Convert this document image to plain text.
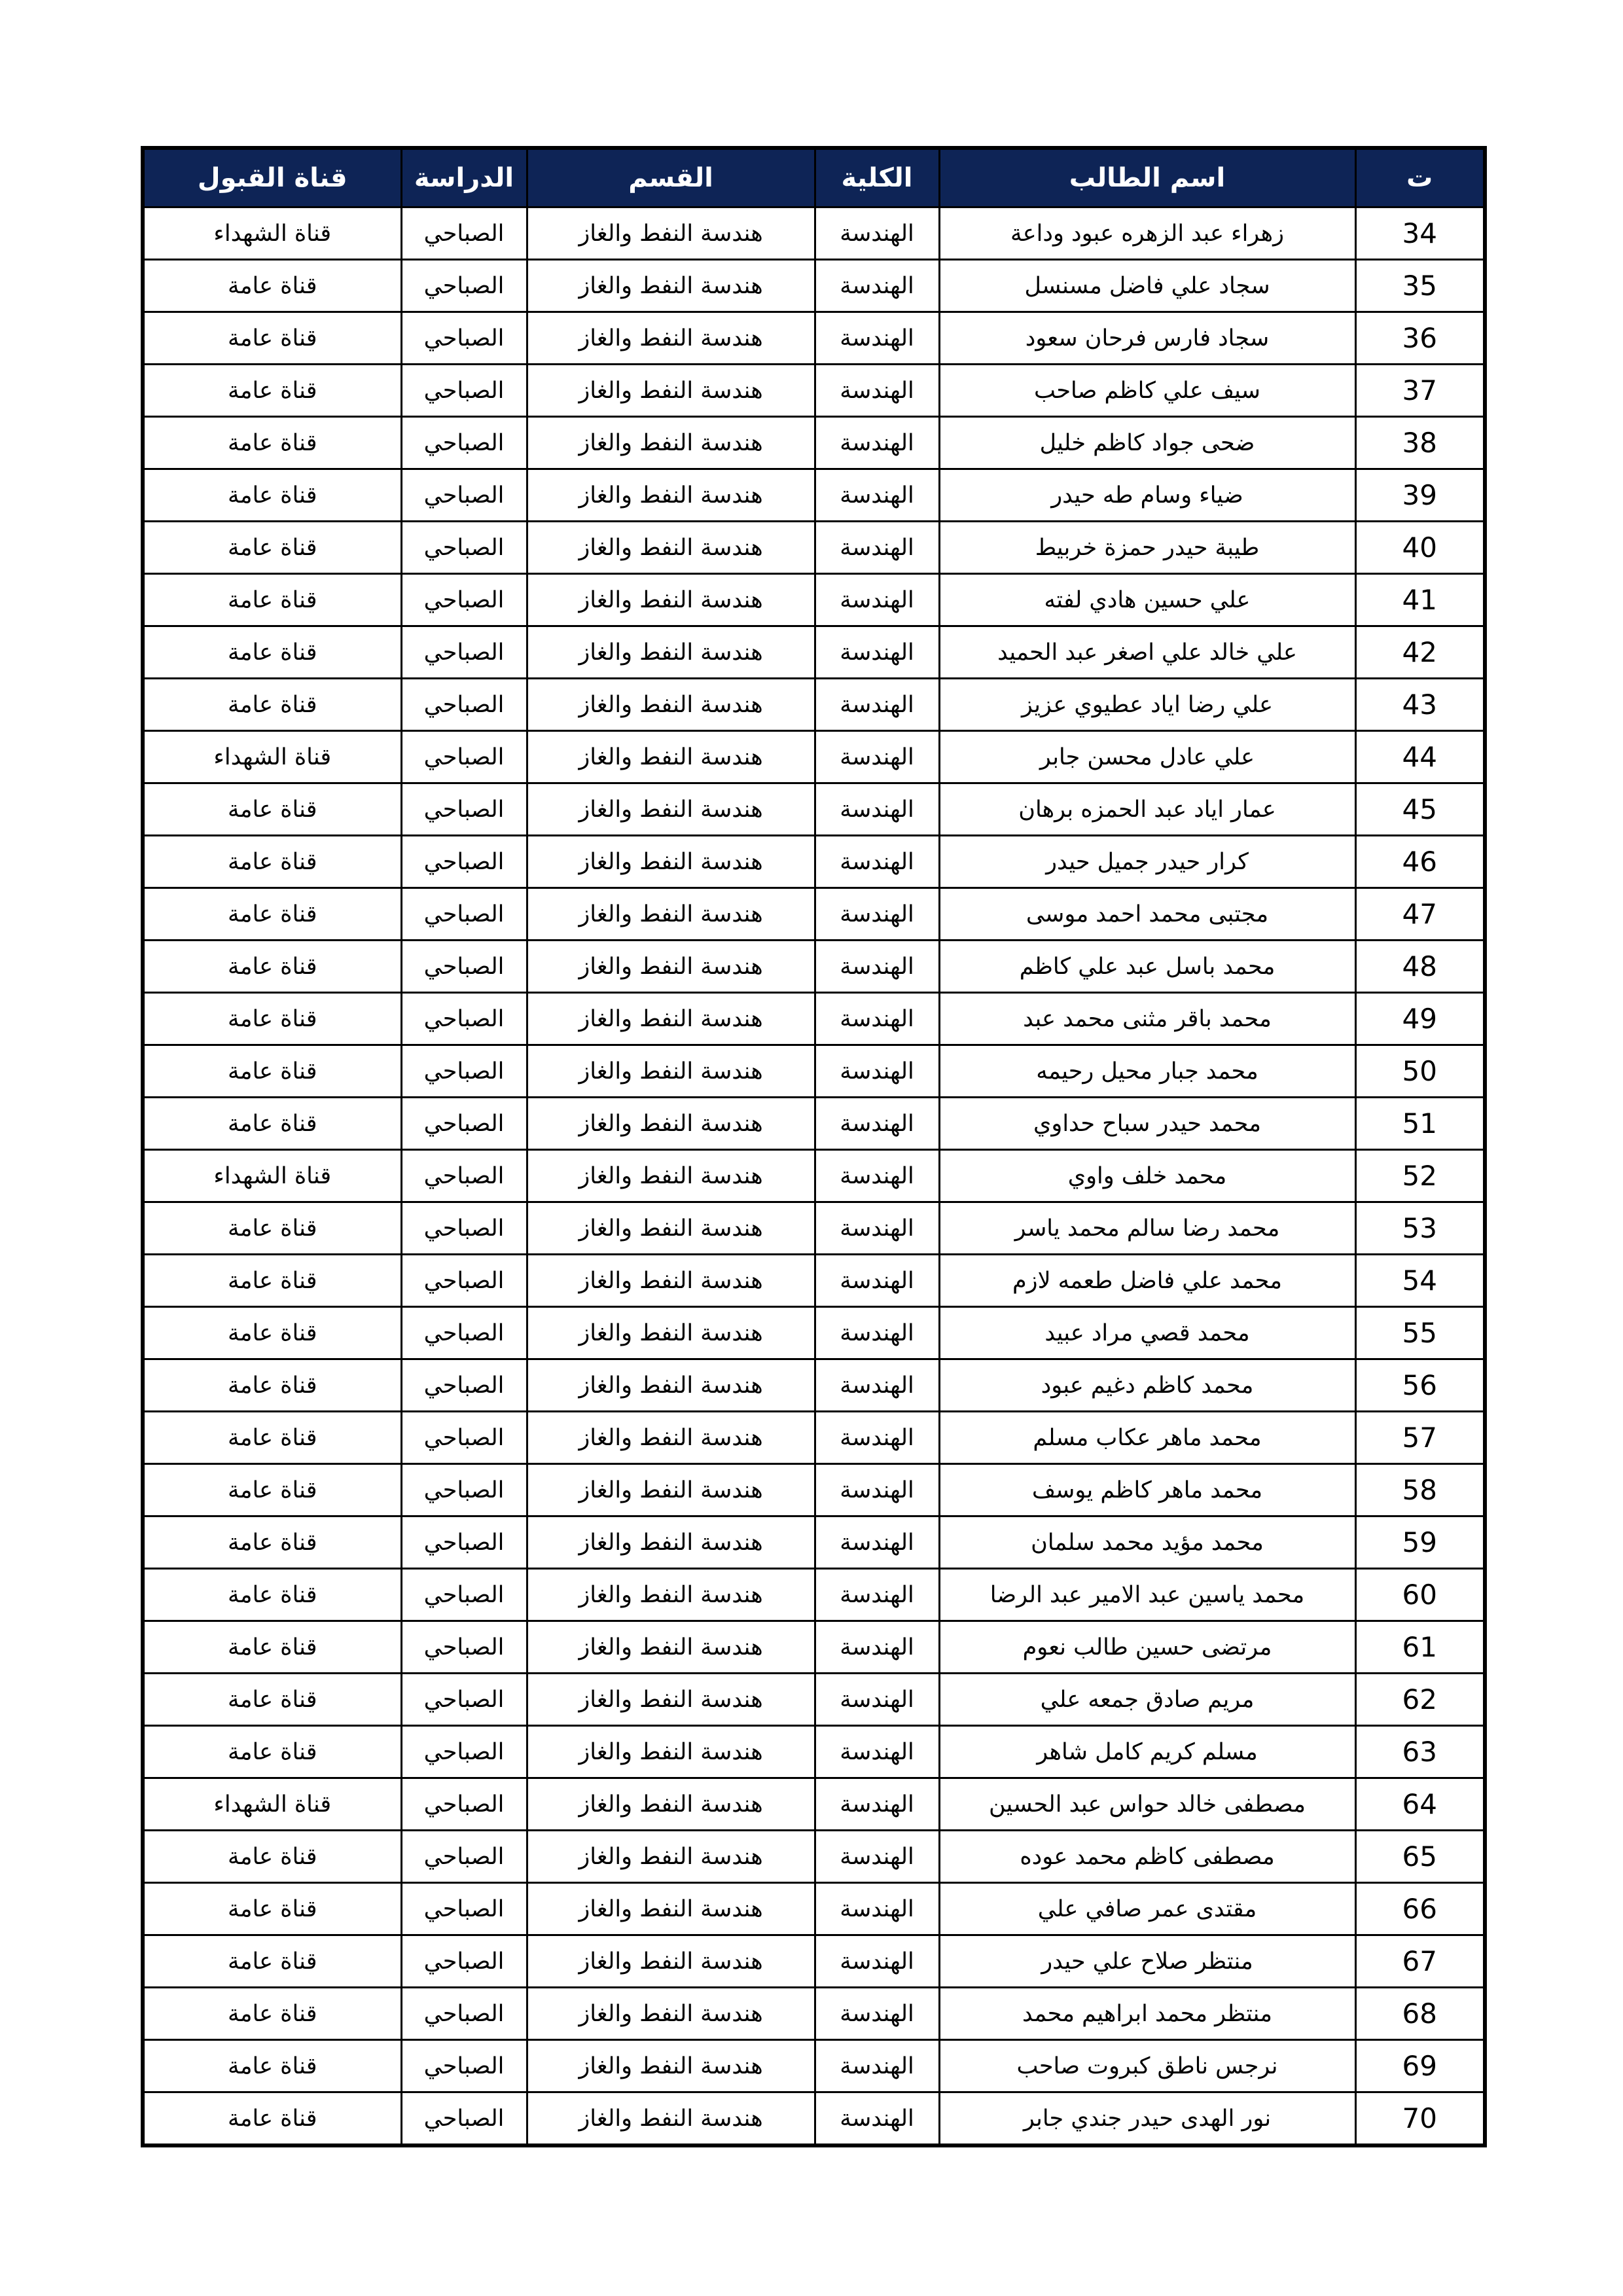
ت	اسم الطالب	الكلية	القسم	الدراسة	قناة القبول
34	زهراء عبد الزهره عبود وداعة	الهندسة	هندسة النفط والغاز	الصباحي	قناة الشهداء
35	سجاد علي فاضل مسنسل	الهندسة	هندسة النفط والغاز	الصباحي	قناة عامة
36	سجاد فارس فرحان سعود	الهندسة	هندسة النفط والغاز	الصباحي	قناة عامة
37	سيف علي كاظم صاحب	الهندسة	هندسة النفط والغاز	الصباحي	قناة عامة
38	ضحى جواد كاظم خليل	الهندسة	هندسة النفط والغاز	الصباحي	قناة عامة
39	ضياء وسام طه حيدر	الهندسة	هندسة النفط والغاز	الصباحي	قناة عامة
40	طيبة حيدر حمزة خربيط	الهندسة	هندسة النفط والغاز	الصباحي	قناة عامة
41	علي حسين هادي لفته	الهندسة	هندسة النفط والغاز	الصباحي	قناة عامة
42	علي خالد علي اصغر عبد الحميد	الهندسة	هندسة النفط والغاز	الصباحي	قناة عامة
43	علي رضا اياد عطيوي عزيز	الهندسة	هندسة النفط والغاز	الصباحي	قناة عامة
44	علي عادل محسن جابر	الهندسة	هندسة النفط والغاز	الصباحي	قناة الشهداء
45	عمار اياد عبد الحمزه برهان	الهندسة	هندسة النفط والغاز	الصباحي	قناة عامة
46	كرار حيدر جميل حيدر	الهندسة	هندسة النفط والغاز	الصباحي	قناة عامة
47	مجتبى محمد احمد موسى	الهندسة	هندسة النفط والغاز	الصباحي	قناة عامة
48	محمد باسل عبد علي كاظم	الهندسة	هندسة النفط والغاز	الصباحي	قناة عامة
49	محمد باقر مثنى محمد عبد	الهندسة	هندسة النفط والغاز	الصباحي	قناة عامة
50	محمد جبار محيل رحيمه	الهندسة	هندسة النفط والغاز	الصباحي	قناة عامة
51	محمد حيدر سباح حداوي	الهندسة	هندسة النفط والغاز	الصباحي	قناة عامة
52	محمد خلف واوي	الهندسة	هندسة النفط والغاز	الصباحي	قناة الشهداء
53	محمد رضا سالم محمد ياسر	الهندسة	هندسة النفط والغاز	الصباحي	قناة عامة
54	محمد علي فاضل طعمه لازم	الهندسة	هندسة النفط والغاز	الصباحي	قناة عامة
55	محمد قصي مراد عبيد	الهندسة	هندسة النفط والغاز	الصباحي	قناة عامة
56	محمد كاظم دغيم عبود	الهندسة	هندسة النفط والغاز	الصباحي	قناة عامة
57	محمد ماهر عكاب مسلم	الهندسة	هندسة النفط والغاز	الصباحي	قناة عامة
58	محمد ماهر كاظم يوسف	الهندسة	هندسة النفط والغاز	الصباحي	قناة عامة
59	محمد مؤيد محمد سلمان	الهندسة	هندسة النفط والغاز	الصباحي	قناة عامة
60	محمد ياسين عبد الامير عبد الرضا	الهندسة	هندسة النفط والغاز	الصباحي	قناة عامة
61	مرتضى حسين طالب نعوم	الهندسة	هندسة النفط والغاز	الصباحي	قناة عامة
62	مريم صادق جمعه علي	الهندسة	هندسة النفط والغاز	الصباحي	قناة عامة
63	مسلم كريم كامل شاهر	الهندسة	هندسة النفط والغاز	الصباحي	قناة عامة
64	مصطفى خالد حواس عبد الحسين	الهندسة	هندسة النفط والغاز	الصباحي	قناة الشهداء
65	مصطفى كاظم محمد عوده	الهندسة	هندسة النفط والغاز	الصباحي	قناة عامة
66	مقتدى عمر صافي علي	الهندسة	هندسة النفط والغاز	الصباحي	قناة عامة
67	منتظر صلاح علي حيدر	الهندسة	هندسة النفط والغاز	الصباحي	قناة عامة
68	منتظر محمد ابراهيم محمد	الهندسة	هندسة النفط والغاز	الصباحي	قناة عامة
69	نرجس ناطق كبروت صاحب	الهندسة	هندسة النفط والغاز	الصباحي	قناة عامة
70	نور الهدى حيدر جندي جابر	الهندسة	هندسة النفط والغاز	الصباحي	قناة عامة
